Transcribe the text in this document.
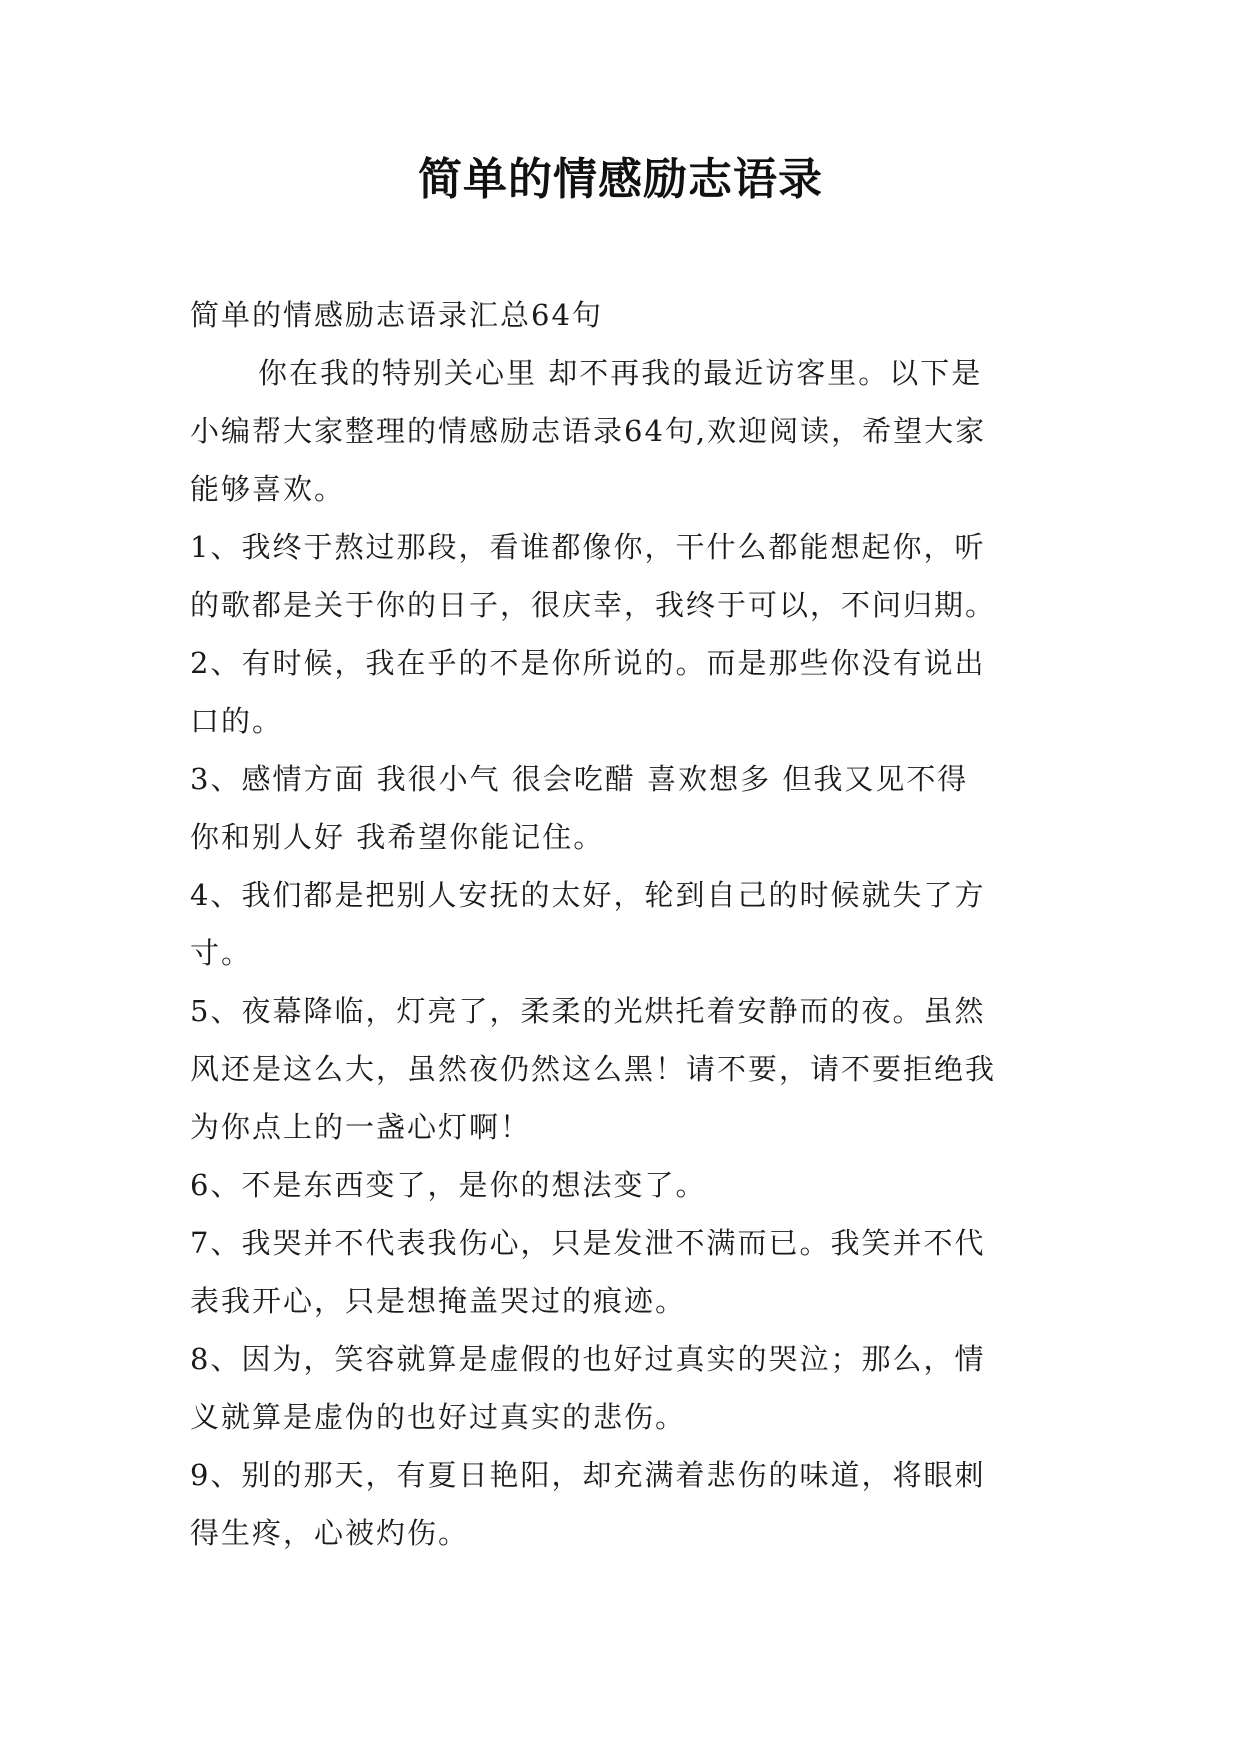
简单的情感励志语录
简单的情感励志语录汇总64句
你在我的特别关心里 却不再我的最近访客里。以下是
小编帮大家整理的情感励志语录64句,欢迎阅读，希望大家
能够喜欢。
1、我终于熬过那段，看谁都像你，干什么都能想起你，听
的歌都是关于你的日子，很庆幸，我终于可以，不问归期。
2、有时候，我在乎的不是你所说的。而是那些你没有说出
口的。
3、感情方面 我很小气 很会吃醋 喜欢想多 但我又见不得
你和别人好 我希望你能记住。
4、我们都是把别人安抚的太好，轮到自己的时候就失了方
寸。
5、夜幕降临，灯亮了，柔柔的光烘托着安静而的夜。虽然
风还是这么大，虽然夜仍然这么黑！请不要，请不要拒绝我
为你点上的一盏心灯啊！
6、不是东西变了，是你的想法变了。
7、我哭并不代表我伤心，只是发泄不满而已。我笑并不代
表我开心，只是想掩盖哭过的痕迹。
8、因为，笑容就算是虚假的也好过真实的哭泣；那么，情
义就算是虚伪的也好过真实的悲伤。
9、别的那天，有夏日艳阳，却充满着悲伤的味道，将眼刺
得生疼，心被灼伤。
